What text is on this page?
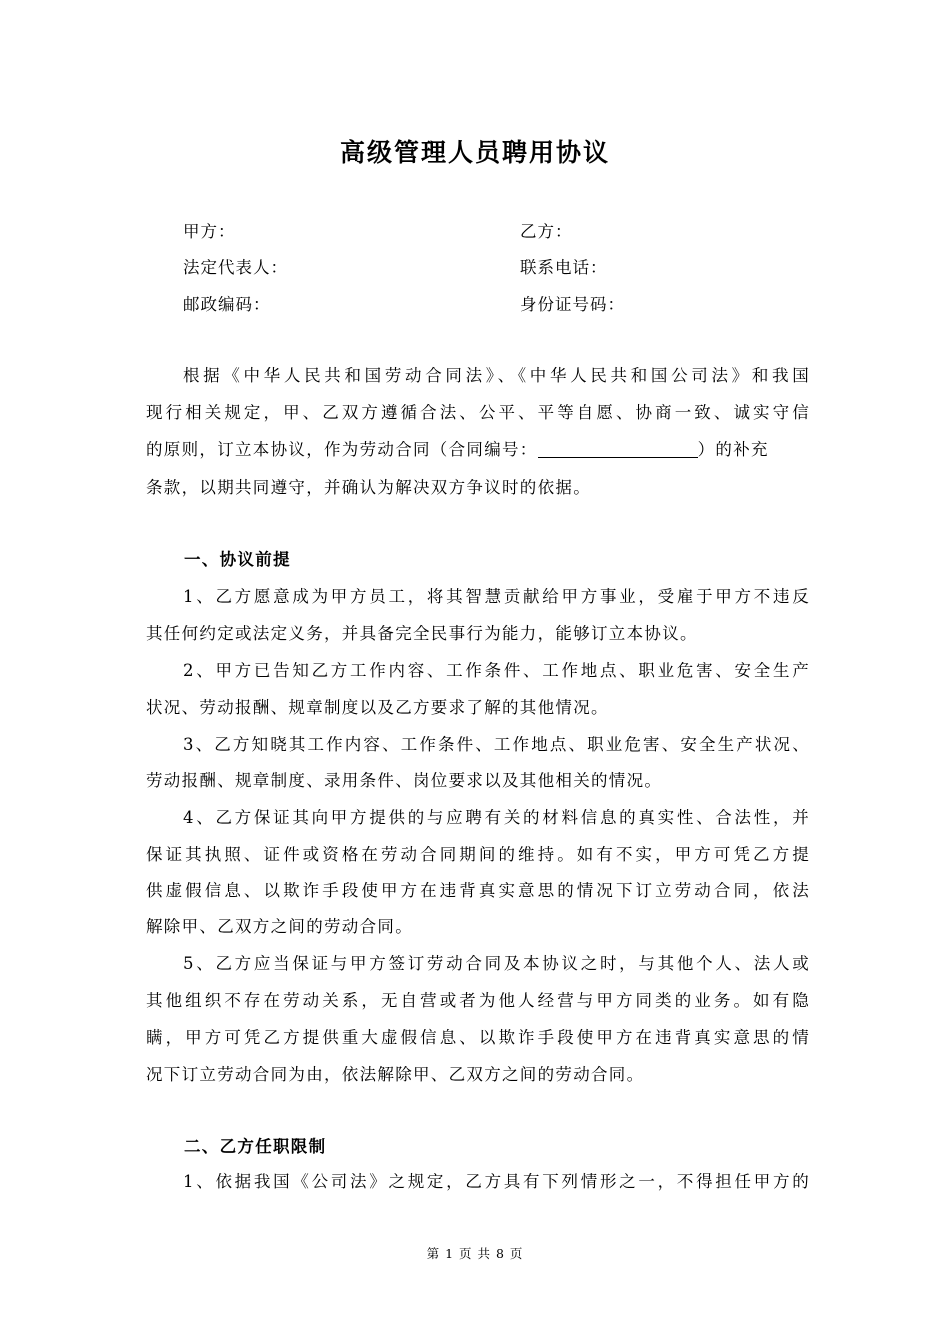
高级管理人员聘用协议
甲方：	乙方：
法定代表人：	联系电话：
邮政编码：	身份证号码：
根据《中华人民共和国劳动合同法》、《中华人民共和国公司法》和我国
现行相关规定，甲、乙双方遵循合法、公平、平等自愿、协商一致、诚实守信
的原则，订立本协议，作为劳动合同（合同编号：	）的补充
条款，以期共同遵守，并确认为解决双方争议时的依据。
一、协议前提
1、乙方愿意成为甲方员工，将其智慧贡献给甲方事业，受雇于甲方不违反
其任何约定或法定义务，并具备完全民事行为能力，能够订立本协议。
2、甲方已告知乙方工作内容、工作条件、工作地点、职业危害、安全生产
状况、劳动报酬、规章制度以及乙方要求了解的其他情况。
3、乙方知晓其工作内容、工作条件、工作地点、职业危害、安全生产状况、
劳动报酬、规章制度、录用条件、岗位要求以及其他相关的情况。
4、乙方保证其向甲方提供的与应聘有关的材料信息的真实性、合法性，并
保证其执照、证件或资格在劳动合同期间的维持。如有不实，甲方可凭乙方提
供虚假信息、以欺诈手段使甲方在违背真实意思的情况下订立劳动合同，依法
解除甲、乙双方之间的劳动合同。
5、乙方应当保证与甲方签订劳动合同及本协议之时，与其他个人、法人或
其他组织不存在劳动关系，无自营或者为他人经营与甲方同类的业务。如有隐
瞒，甲方可凭乙方提供重大虚假信息、以欺诈手段使甲方在违背真实意思的情
况下订立劳动合同为由，依法解除甲、乙双方之间的劳动合同。
二、乙方任职限制
1、依据我国《公司法》之规定，乙方具有下列情形之一，不得担任甲方的
第 1 页 共 8 页
